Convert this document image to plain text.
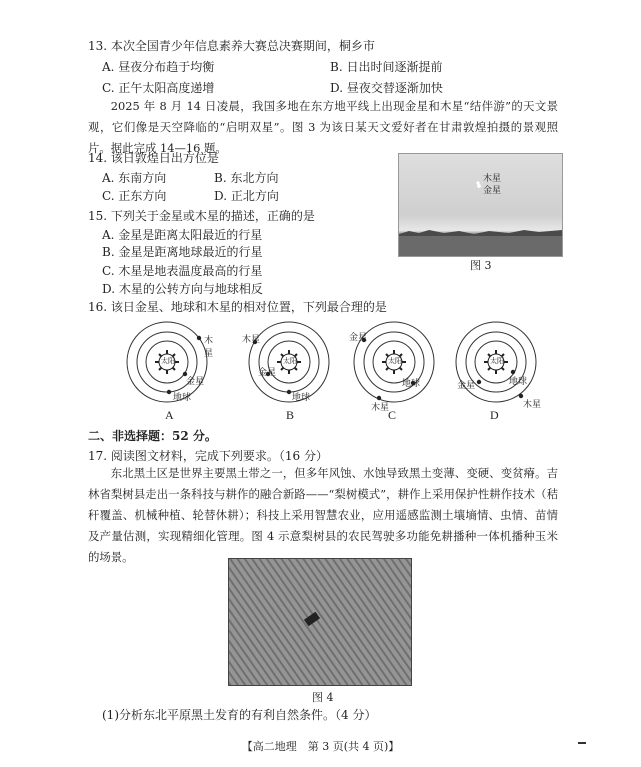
13. 本次全国青少年信息素养大赛总决赛期间，桐乡市
A. 昼夜分布趋于均衡	B. 日出时间逐渐提前
C. 正午太阳高度递增	D. 昼夜交替逐渐加快
2025 年 8 月 14 日凌晨，我国多地在东方地平线上出现金星和木星“结伴游”的天文景观，它们像是天空降临的“启明双星”。图 3 为该日某天文爱好者在甘肃敦煌拍摄的景观照片。据此完成 14—16 题。
14. 该日敦煌日出方位是
A. 东南方向	B. 东北方向
C. 正东方向	D. 正北方向
木星
金星
图 3
15. 下列关于金星或木星的描述，正确的是
A. 金星是距离太阳最近的行星
B. 金星是距离地球最近的行星
C. 木星是地表温度最高的行星
D. 木星的公转方向与地球相反
16. 该日金星、地球和木星的相对位置，下列最合理的是
太阳
木星
金星
地球
A
太阳
木星
金星
地球
B
太阳
金星
地球
木星
C
太阳
金星	地球
木星
D
二、非选择题：52 分。
17. 阅读图文材料，完成下列要求。（16 分）
东北黑土区是世界主要黑土带之一，但多年风蚀、水蚀导致黑土变薄、变硬、变贫瘠。吉林省梨树县走出一条科技与耕作的融合新路——“梨树模式”，耕作上采用保护性耕作技术（秸秆覆盖、机械种植、轮替休耕）；科技上采用智慧农业，应用遥感监测土壤墒情、虫情、苗情及产量估测，实现精细化管理。图 4 示意梨树县的农民驾驶多功能免耕播种一体机播种玉米的场景。
图 4
(1)分析东北平原黑土发育的有利自然条件。（4 分）
【高二地理　第 3 页(共 4 页)】
